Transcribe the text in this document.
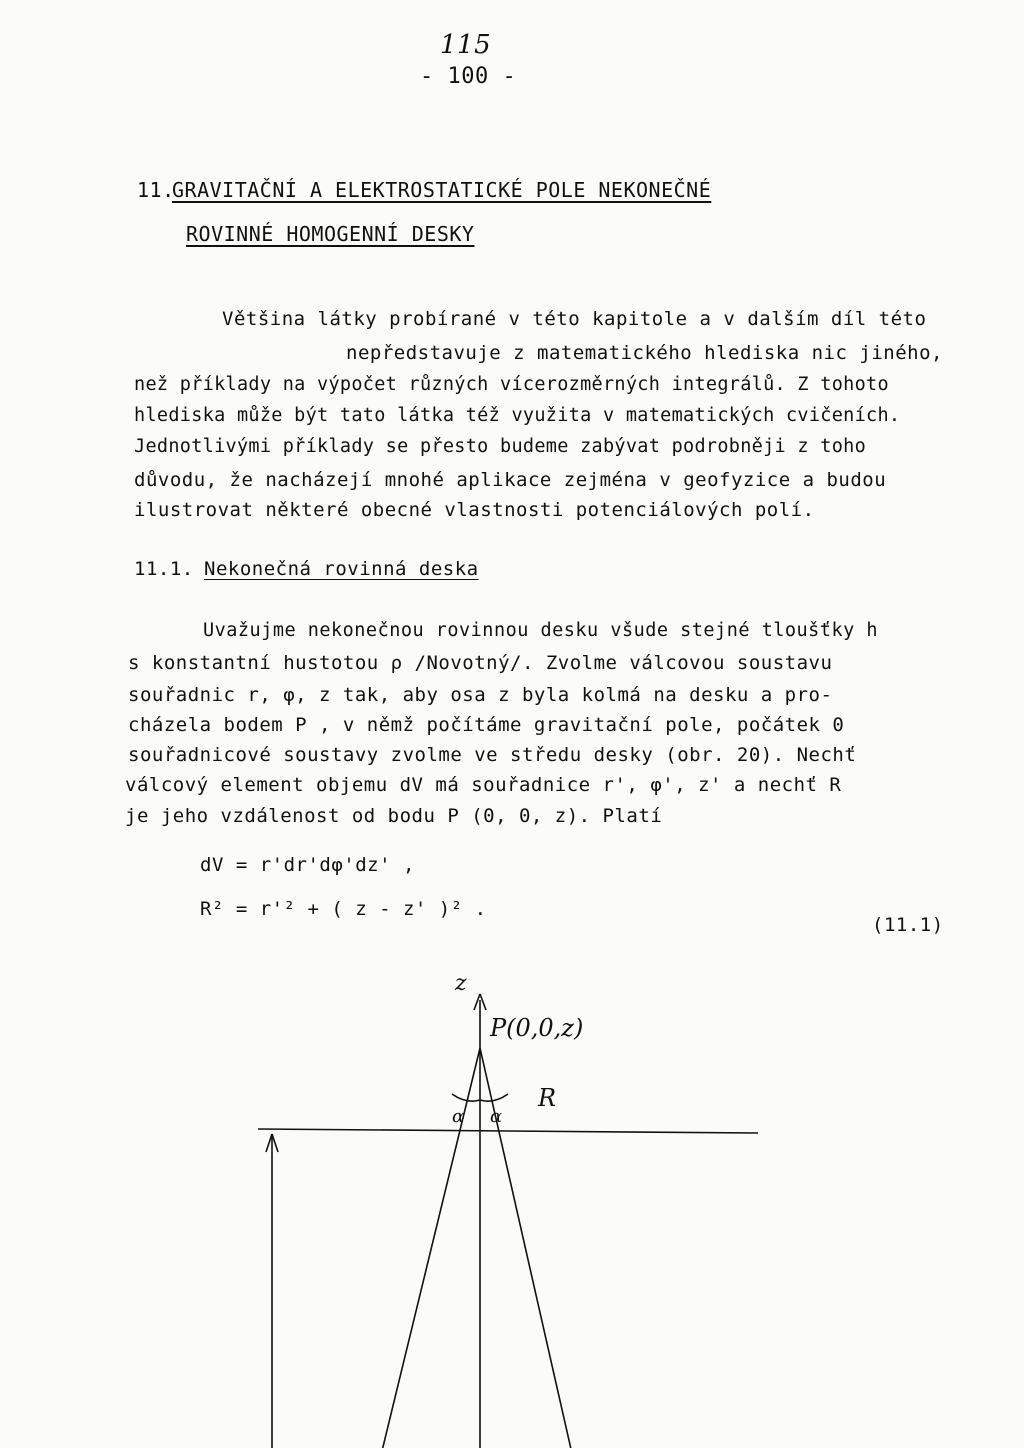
115
- 100 -
11.
GRAVITAČNÍ A ELEKTROSTATICKÉ POLE NEKONEČNÉ
ROVINNÉ HOMOGENNÍ DESKY
Většina látky probírané v této kapitole a v dalším díl této
nepředstavuje z matematického hlediska nic jiného,
než příklady na výpočet různých vícerozměrných integrálů. Z tohoto
hlediska může být tato látka též využita v matematických cvičeních.
Jednotlivými příklady se přesto budeme zabývat podrobněji z toho
důvodu, že nacházejí mnohé aplikace zejména v geofyzice a budou
ilustrovat některé obecné vlastnosti potenciálových polí.
11.1. Nekonečná rovinná deska
Uvažujme nekonečnou rovinnou desku všude stejné tloušťky h
s konstantní hustotou ρ /Novotný/. Zvolme válcovou soustavu
souřadnic r, φ, z tak, aby osa z byla kolmá na desku a pro-
cházela bodem P , v němž počítáme gravitační pole, počátek 0
souřadnicové soustavy zvolme ve středu desky (obr. 20). Nechť
válcový element objemu dV má souřadnice r', φ', z' a nechť R
je jeho vzdálenost od bodu P (0, 0, z). Platí
dV = r'dr'dφ'dz' ,
R² = r'² + ( z - z' )² .
(11.1)
z
P(0,0,z)
α α
R
